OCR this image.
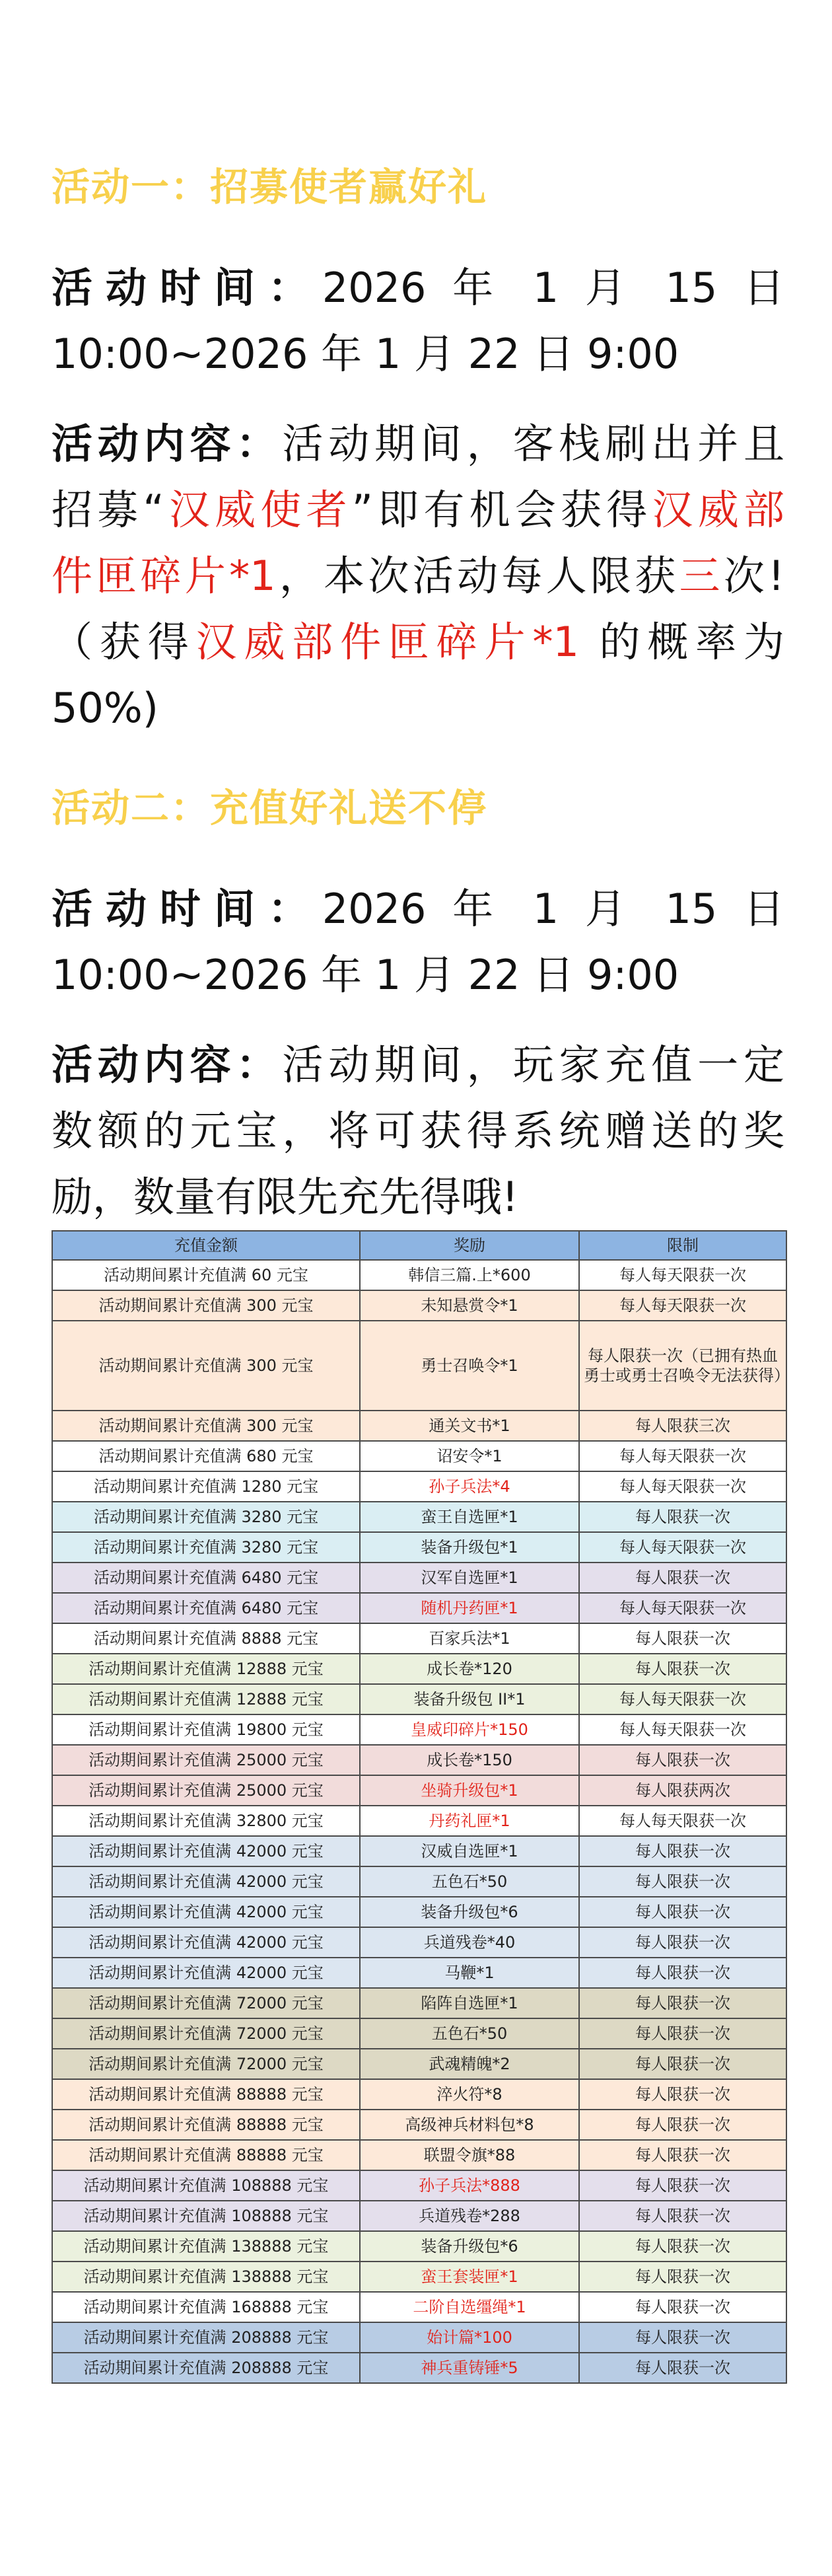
活动一：招募使者赢好礼
活动时间：2026 年 1 月 15 日
10:00~2026 年 1 月 22 日 9:00
活动内容：活动期间，客栈刷出并且
招募“汉威使者”即有机会获得汉威部
件匣碎片*1，本次活动每人限获三次!
（获得汉威部件匣碎片*1 的概率为
50%)
活动二：充值好礼送不停
活动时间：2026 年 1 月 15 日
10:00~2026 年 1 月 22 日 9:00
活动内容：活动期间，玩家充值一定
数额的元宝，将可获得系统赠送的奖
励，数量有限先充先得哦!
充值金额	奖励	限制
活动期间累计充值满 60 元宝	韩信三篇.上*600	每人每天限获一次
活动期间累计充值满 300 元宝	未知悬赏令*1	每人每天限获一次
活动期间累计充值满 300 元宝	勇士召唤令*1	每人限获一次（已拥有热血勇士或勇士召唤令无法获得）
活动期间累计充值满 300 元宝	通关文书*1	每人限获三次
活动期间累计充值满 680 元宝	诏安令*1	每人每天限获一次
活动期间累计充值满 1280 元宝	孙子兵法*4	每人每天限获一次
活动期间累计充值满 3280 元宝	蛮王自选匣*1	每人限获一次
活动期间累计充值满 3280 元宝	装备升级包*1	每人每天限获一次
活动期间累计充值满 6480 元宝	汉军自选匣*1	每人限获一次
活动期间累计充值满 6480 元宝	随机丹药匣*1	每人每天限获一次
活动期间累计充值满 8888 元宝	百家兵法*1	每人限获一次
活动期间累计充值满 12888 元宝	成长卷*120	每人限获一次
活动期间累计充值满 12888 元宝	装备升级包 II*1	每人每天限获一次
活动期间累计充值满 19800 元宝	皇威印碎片*150	每人每天限获一次
活动期间累计充值满 25000 元宝	成长卷*150	每人限获一次
活动期间累计充值满 25000 元宝	坐骑升级包*1	每人限获两次
活动期间累计充值满 32800 元宝	丹药礼匣*1	每人每天限获一次
活动期间累计充值满 42000 元宝	汉威自选匣*1	每人限获一次
活动期间累计充值满 42000 元宝	五色石*50	每人限获一次
活动期间累计充值满 42000 元宝	装备升级包*6	每人限获一次
活动期间累计充值满 42000 元宝	兵道残卷*40	每人限获一次
活动期间累计充值满 42000 元宝	马鞭*1	每人限获一次
活动期间累计充值满 72000 元宝	陷阵自选匣*1	每人限获一次
活动期间累计充值满 72000 元宝	五色石*50	每人限获一次
活动期间累计充值满 72000 元宝	武魂精魄*2	每人限获一次
活动期间累计充值满 88888 元宝	淬火符*8	每人限获一次
活动期间累计充值满 88888 元宝	高级神兵材料包*8	每人限获一次
活动期间累计充值满 88888 元宝	联盟令旗*88	每人限获一次
活动期间累计充值满 108888 元宝	孙子兵法*888	每人限获一次
活动期间累计充值满 108888 元宝	兵道残卷*288	每人限获一次
活动期间累计充值满 138888 元宝	装备升级包*6	每人限获一次
活动期间累计充值满 138888 元宝	蛮王套装匣*1	每人限获一次
活动期间累计充值满 168888 元宝	二阶自选缰绳*1	每人限获一次
活动期间累计充值满 208888 元宝	始计篇*100	每人限获一次
活动期间累计充值满 208888 元宝	神兵重铸锤*5	每人限获一次
